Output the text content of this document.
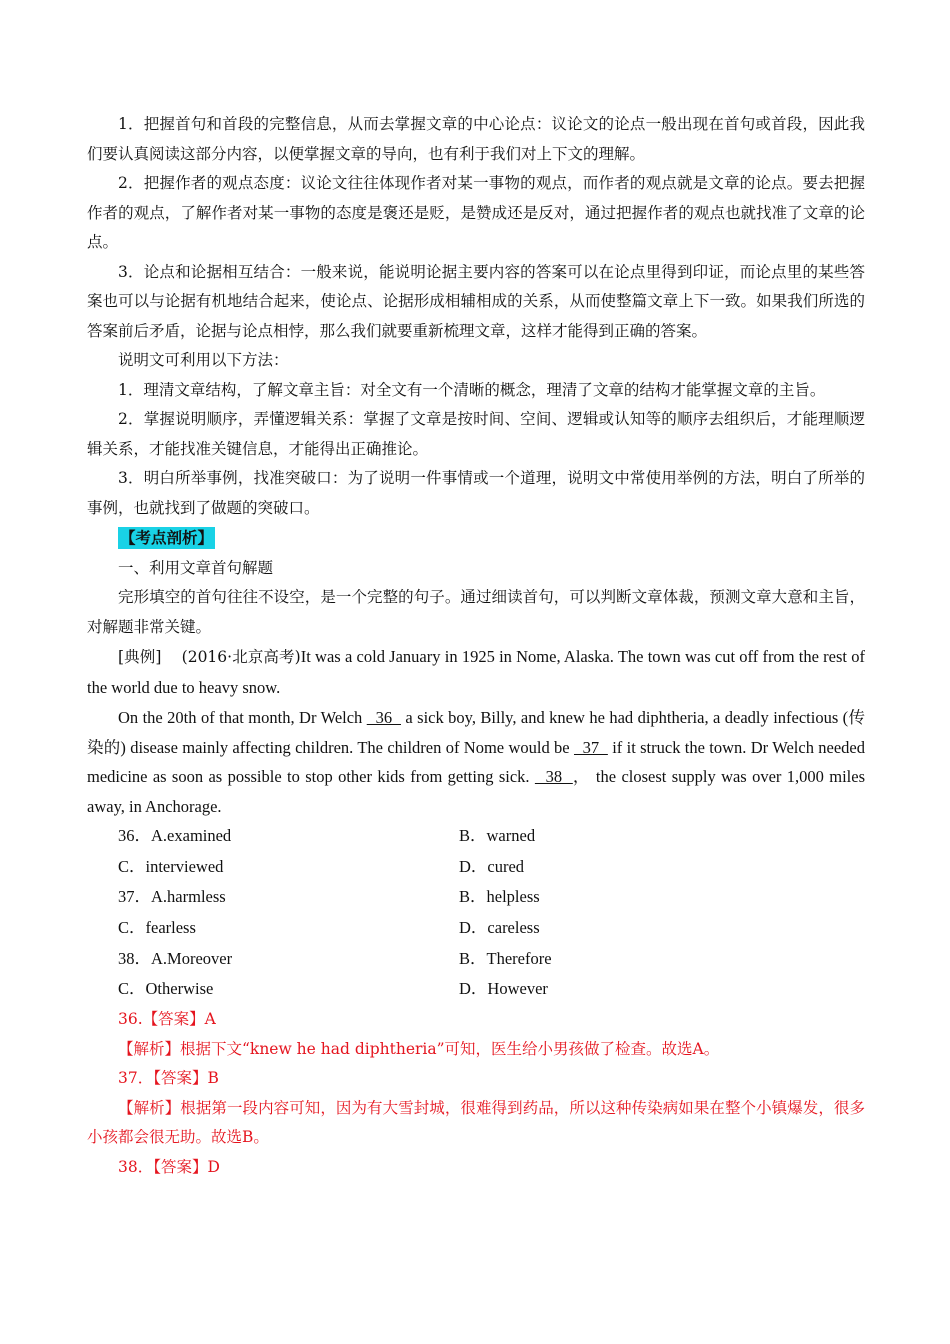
1．把握首句和首段的完整信息，从而去掌握文章的中心论点：议论文的论点一般出现在首句或首段，因此我们要认真阅读这部分内容，以便掌握文章的导向，也有利于我们对上下文的理解。

2．把握作者的观点态度：议论文往往体现作者对某一事物的观点，而作者的观点就是文章的论点。要去把握作者的观点，了解作者对某一事物的态度是褒还是贬，是赞成还是反对，通过把握作者的观点也就找准了文章的论点。

3．论点和论据相互结合：一般来说，能说明论据主要内容的答案可以在论点里得到印证，而论点里的某些答案也可以与论据有机地结合起来，使论点、论据形成相辅相成的关系，从而使整篇文章上下一致。如果我们所选的答案前后矛盾，论据与论点相悖，那么我们就要重新梳理文章，这样才能得到正确的答案。

说明文可利用以下方法：

1．理清文章结构，了解文章主旨：对全文有一个清晰的概念，理清了文章的结构才能掌握文章的主旨。

2．掌握说明顺序，弄懂逻辑关系：掌握了文章是按时间、空间、逻辑或认知等的顺序去组织后，才能理顺逻辑关系，才能找准关键信息，才能得出正确推论。

3．明白所举事例，找准突破口：为了说明一件事情或一个道理，说明文中常使用举例的方法，明白了所举的事例，也就找到了做题的突破口。

【考点剖析】

一、利用文章首句解题

完形填空的首句往往不设空，是一个完整的句子。通过细读首句，可以判断文章体裁，预测文章大意和主旨，对解题非常关键。

[典例] (2016·北京高考)It was a cold January in 1925 in Nome, Alaska. The town was cut off from the rest of the world due to heavy snow.

On the 20th of that month, Dr Welch   36   a sick boy, Billy, and knew he had diphtheria, a deadly infectious (传染的) disease mainly affecting children. The children of Nome would be   37   if it struck the town. Dr Welch needed medicine as soon as possible to stop other kids from getting sick.   38  ， the closest supply was over 1,000 miles away, in Anchorage.

36．A.examined	B．warned
C．interviewed	D．cured
37．A.harmless	B．helpless
C．fearless	D．careless
38．A.Moreover	B．Therefore
C．Otherwise	D．However

36.【答案】A

【解析】根据下文“knew he had diphtheria”可知，医生给小男孩做了检查。故选A。

37．【答案】B

【解析】根据第一段内容可知，因为有大雪封城，很难得到药品，所以这种传染病如果在整个小镇爆发，很多小孩都会很无助。故选B。

38．【答案】D
